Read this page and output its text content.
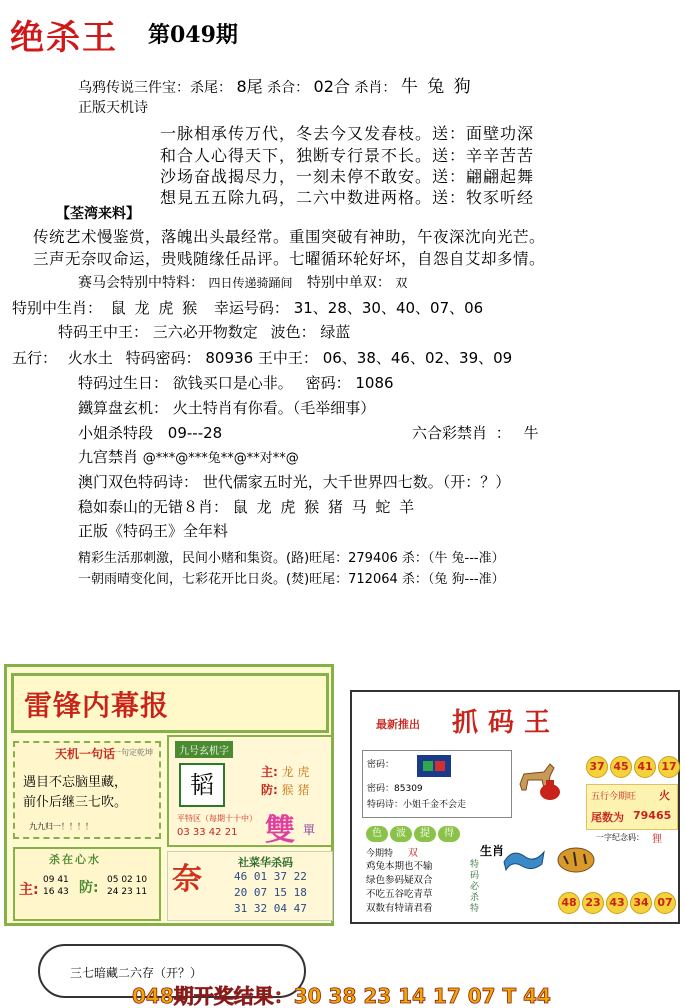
绝杀王 第049期
乌鸦传说三件宝：杀尾： 8尾 杀合： 02合 杀肖： 牛 兔 狗
正版天机诗
一脉相承传万代，冬去今又发春枝。送：面壁功深
和合人心得天下，独断专行景不长。送：辛辛苦苦
沙场奋战揭尽力，一刻未停不敢安。送：翩翩起舞
想見五五除九码，二六中数进两格。送：牧豕听经
【荃湾来料】
传统艺术慢鉴赏，落魄出头最经常。重围突破有神助，午夜深沈向光芒。
三声无奈叹命运，贵贱随缘任品评。七曜循环轮好坏，自怨自艾却多情。
赛马会特别中特料： 四日传递骑踊间 特别中单双： 双
特别中生肖： 鼠 龙 虎 猴 幸运号码： 31、28、30、40、07、06
特码王中王： 三六必开物数定 波色： 绿蓝
五行： 火水土 特码密码： 80936 王中王： 06、38、46、02、39、09
特码过生日： 欲钱买口是心非。 密码： 1086
鐵算盘玄机： 火土特肖有你看。（毛举细事）
小姐杀特段 09---28	六合彩禁肖 ： 牛
九宫禁肖 @***@***兔**@**对**@
澳门双色特码诗： 世代儒家五时光，大千世界四七数。（开：？）
稳如泰山的无错８肖： 鼠 龙 虎 猴 猪 马 蛇 羊
正版《特码王》全年料
精彩生活那刺激，民间小赌和集资。(路)旺尾：279406 杀：（牛 兔---准）
一朝雨晴变化间，七彩花开比日炎。(焚)旺尾：712064 杀：（兔 狗---准）
雷锋内幕报
天机一句话
一句定乾坤
遇目不忘脑里藏，
前仆后继三七吹。
九九归一！！！！
九号玄机字
韬	主: 龙 虎
防: 猴 猪
平特区（每期十十中）
03 33 42 21 雙 單
杀在心水
主:
09 41
16 43 防: 05 02 10
24 23 11 奈	社菜华杀码
46 01 37 22
20 07 15 18
31 32 04 47
最新推出 抓码王
密码：
密码：85309
特码诗：小姐千金不会走
37 45 41 17
五行今期旺 火
尾数为 79465
色	波	提	得
今期特 双	生肖
鸡兔本期也不输
绿色参码疑双合
不吃五谷吃青草
双数有特请君看
特码必杀特
一字纪念码： 狸
48 23 43 34 07
三七暗藏二六存（开？）
048期开奖结果：30 38 23 14 17 07 T 44
